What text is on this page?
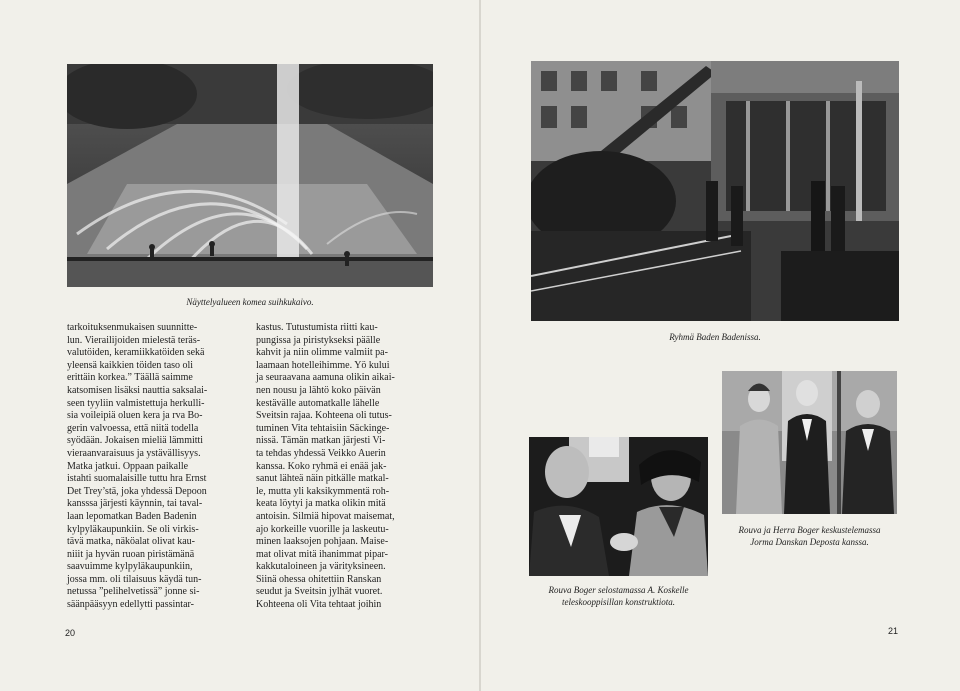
Näyttelyalueen komea suihkukaivo.
tarkoituksenmukaisen suunnitte-
lun. Vierailijoiden mielestä teräs-
valutöiden, keramiikkatöiden sekä
yleensä kaikkien töiden taso oli
erittäin korkea.” Täällä saimme
katsomisen lisäksi nauttia saksalai-
seen tyyliin valmistettuja herkulli-
sia voileipiä oluen kera ja rva Bo-
gerin valvoessa, että niitä todella
syödään. Jokaisen mieliä lämmitti
vieraanvaraisuus ja ystävällisyys.
Matka jatkui. Oppaan paikalle
istahti suomalaisille tuttu hra Ernst
Det Trey’stä, joka yhdessä Depoon
kansssa järjesti käynnin, tai taval-
laan lepomatkan Baden Badenin
kylpyläkaupunkiin. Se oli virkis-
tävä matka, näköalat olivat kau-
niiit ja hyvän ruoan piristämänä
saavuimme kylpyläkaupunkiin,
jossa mm. oli tilaisuus käydä tun-
netussa ”pelihelvetissä” jonne si-
säänpääsyyn edellytti passintar-
kastus. Tutustumista riitti kau-
pungissa ja piristykseksi päälle
kahvit ja niin olimme valmiit pa-
laamaan hotelleihimme. Yö kului
ja seuraavana aamuna olikin aikai-
nen nousu ja lähtö koko päivän
kestävälle automatkalle lähelle
Sveitsin rajaa. Kohteena oli tutus-
tuminen Vita tehtaisiin Säckinge-
nissä. Tämän matkan järjesti Vi-
ta tehdas yhdessä Veikko Auerin
kanssa. Koko ryhmä ei enää jak-
sanut lähteä näin pitkälle matkal-
le, mutta yli kaksikymmentä roh-
keata löytyi ja matka olikin mitä
antoisin. Silmiä hipovat maisemat,
ajo korkeille vuorille ja laskeutu-
minen laaksojen pohjaan. Maise-
mat olivat mitä ihanimmat pipar-
kakkutaloineen ja värityksineen.
Siinä ohessa ohitettiin Ranskan
seudut ja Sveitsin jylhät vuoret.
Kohteena oli Vita tehtaat joihin
20
Ryhmä Baden Badenissa.
Rouva Boger selostamassa A. Koskelle
teleskooppisillan konstruktiota.
Rouva ja Herra Boger keskustelemassa
Jorma Danskan Deposta kanssa.
21
